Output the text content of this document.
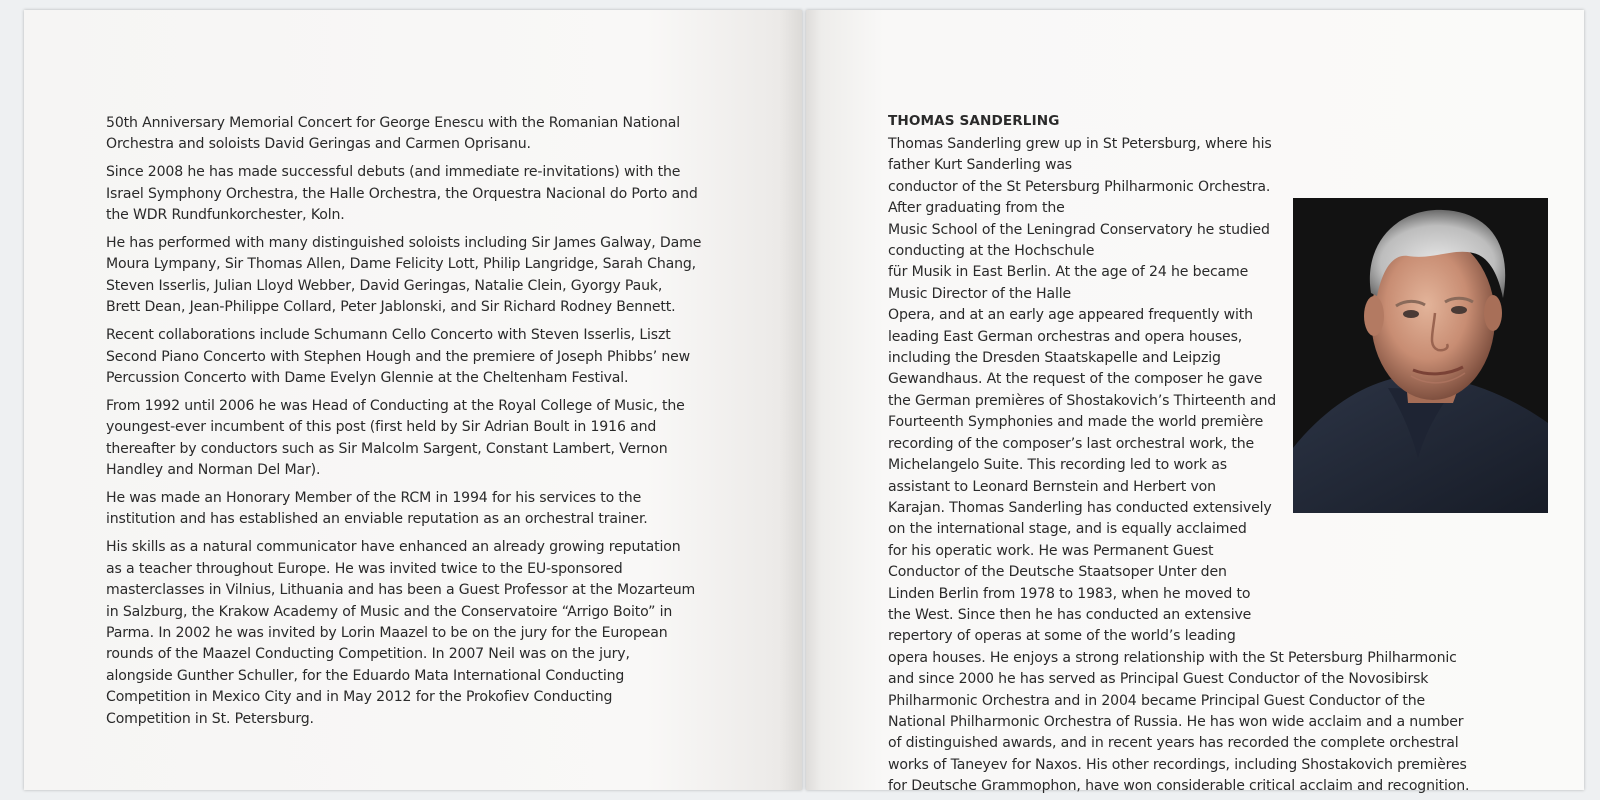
50th Anniversary Memorial Concert for George Enescu with the Romanian National
Orchestra and soloists David Geringas and Carmen Oprisanu.

Since 2008 he has made successful debuts (and immediate re-invitations) with the
Israel Symphony Orchestra, the Halle Orchestra, the Orquestra Nacional do Porto and
the WDR Rundfunkorchester, Koln.

He has performed with many distinguished soloists including Sir James Galway, Dame
Moura Lympany, Sir Thomas Allen, Dame Felicity Lott, Philip Langridge, Sarah Chang,
Steven Isserlis, Julian Lloyd Webber, David Geringas, Natalie Clein, Gyorgy Pauk,
Brett Dean, Jean-Philippe Collard, Peter Jablonski, and Sir Richard Rodney Bennett.

Recent collaborations include Schumann Cello Concerto with Steven Isserlis, Liszt
Second Piano Concerto with Stephen Hough and the premiere of Joseph Phibbs’ new
Percussion Concerto with Dame Evelyn Glennie at the Cheltenham Festival.

From 1992 until 2006 he was Head of Conducting at the Royal College of Music, the
youngest-ever incumbent of this post (first held by Sir Adrian Boult in 1916 and
thereafter by conductors such as Sir Malcolm Sargent, Constant Lambert, Vernon
Handley and Norman Del Mar).

He was made an Honorary Member of the RCM in 1994 for his services to the
institution and has established an enviable reputation as an orchestral trainer.

His skills as a natural communicator have enhanced an already growing reputation
as a teacher throughout Europe. He was invited twice to the EU-sponsored
masterclasses in Vilnius, Lithuania and has been a Guest Professor at the Mozarteum
in Salzburg, the Krakow Academy of Music and the Conservatoire “Arrigo Boito” in
Parma. In 2002 he was invited by Lorin Maazel to be on the jury for the European
rounds of the Maazel Conducting Competition. In 2007 Neil was on the jury,
alongside Gunther Schuller, for the Eduardo Mata International Conducting
Competition in Mexico City and in May 2012 for the Prokofiev Conducting
Competition in St. Petersburg.

THOMAS SANDERLING
Thomas Sanderling grew up in St Petersburg, where his father Kurt Sanderling was
conductor of the St Petersburg Philharmonic Orchestra. After graduating from the
Music School of the Leningrad Conservatory he studied conducting at the Hochschule
für Musik in East Berlin. At the age of 24 he became Music Director of the Halle
Opera, and at an early age appeared frequently with
leading East German orchestras and opera houses,
including the Dresden Staatskapelle and Leipzig
Gewandhaus. At the request of the composer he gave
the German premières of Shostakovich’s Thirteenth and
Fourteenth Symphonies and made the world première
recording of the composer’s last orchestral work, the
Michelangelo Suite. This recording led to work as
assistant to Leonard Bernstein and Herbert von
Karajan. Thomas Sanderling has conducted extensively
on the international stage, and is equally acclaimed
for his operatic work. He was Permanent Guest
Conductor of the Deutsche Staatsoper Unter den
Linden Berlin from 1978 to 1983, when he moved to
the West. Since then he has conducted an extensive
repertory of operas at some of the world’s leading
opera houses. He enjoys a strong relationship with the St Petersburg Philharmonic
and since 2000 he has served as Principal Guest Conductor of the Novosibirsk
Philharmonic Orchestra and in 2004 became Principal Guest Conductor of the
National Philharmonic Orchestra of Russia. He has won wide acclaim and a number
of distinguished awards, and in recent years has recorded the complete orchestral
works of Taneyev for Naxos. His other recordings, including Shostakovich premières
for Deutsche Grammophon, have won considerable critical acclaim and recognition.
